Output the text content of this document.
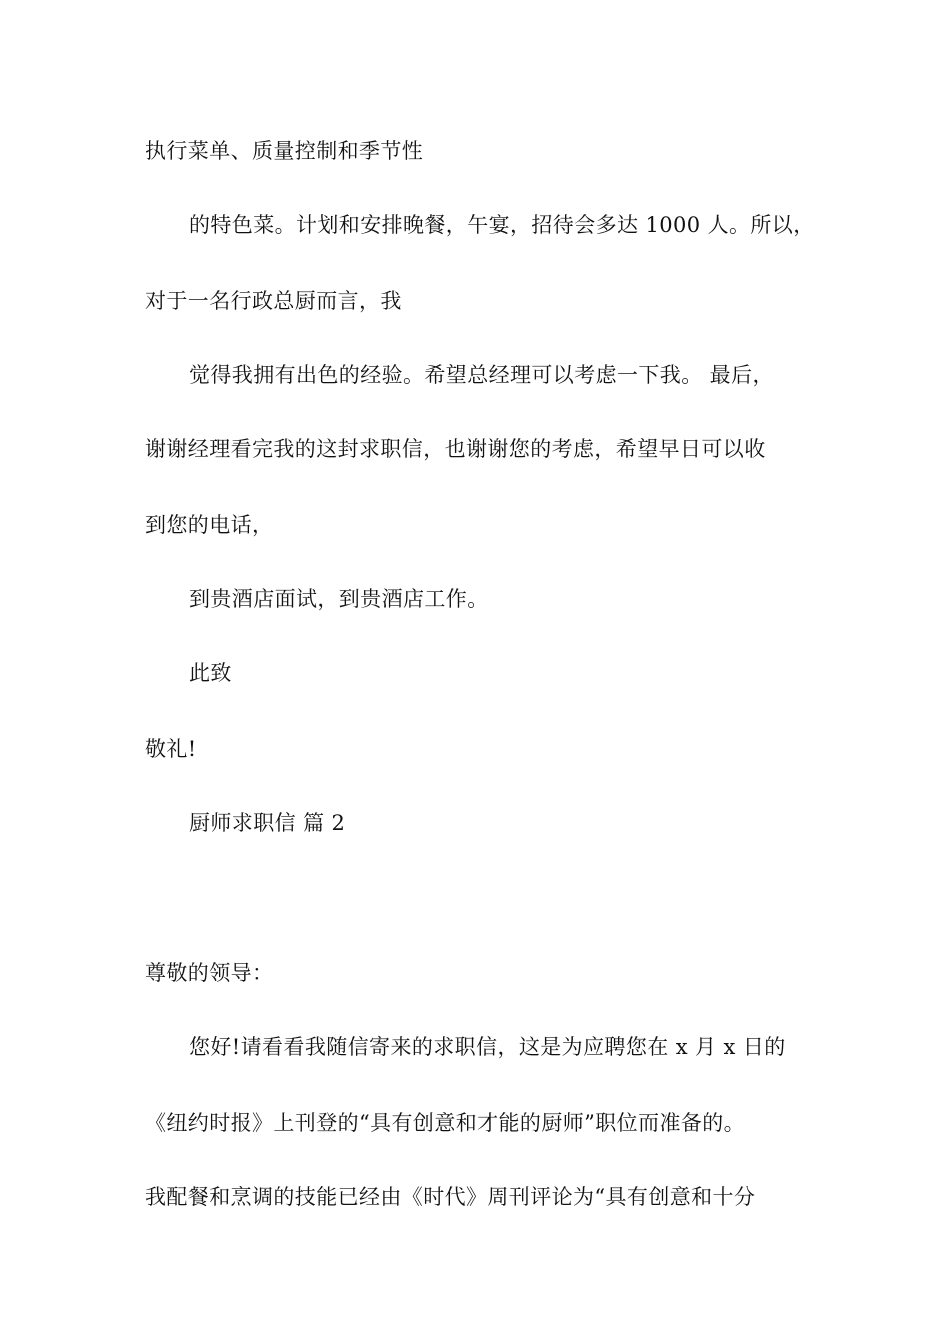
执行菜单、质量控制和季节性
的特色菜。计划和安排晚餐，午宴，招待会多达 1000 人。所以，
对于一名行政总厨而言，我
觉得我拥有出色的经验。希望总经理可以考虑一下我。 最后，
谢谢经理看完我的这封求职信，也谢谢您的考虑，希望早日可以收
到您的电话，
到贵酒店面试，到贵酒店工作。
此致
敬礼!
厨师求职信 篇 2
尊敬的领导：
您好!请看看我随信寄来的求职信，这是为应聘您在 x 月 x 日的
《纽约时报》上刊登的“具有创意和才能的厨师”职位而准备的。
我配餐和烹调的技能已经由《时代》周刊评论为“具有创意和十分
